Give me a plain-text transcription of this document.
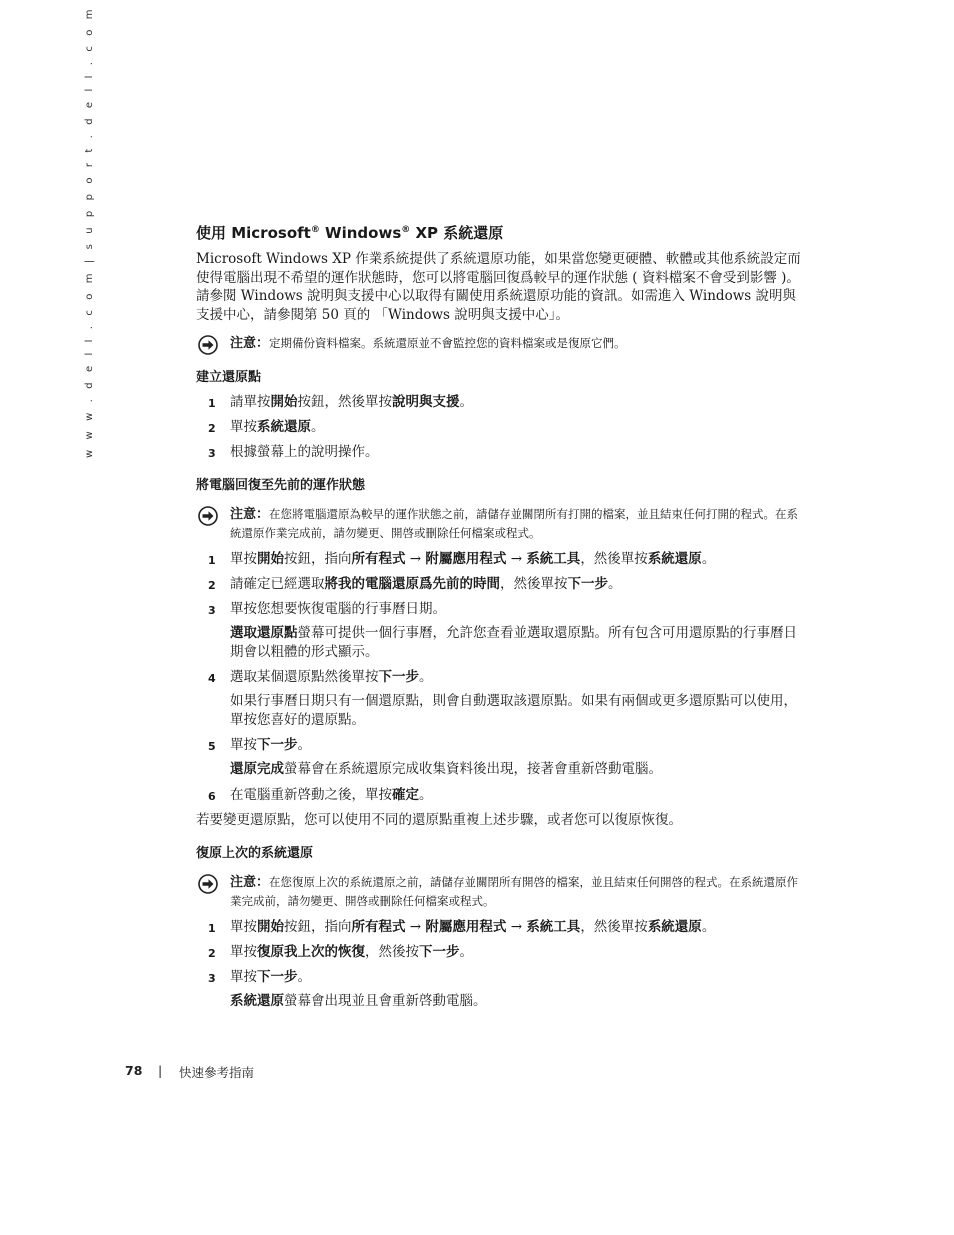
w w w . d e l l . c o m | s u p p o r t . d e l l . c o m	使用 Microsoft® Windows® XP 系統還原

Microsoft Windows XP 作業系統提供了系統還原功能，如果當您變更硬體、軟體或其他系統設定而使得電腦出現不希望的運作狀態時，您可以將電腦回復爲較早的運作狀態 ( 資料檔案不會受到影響 )。請參閱 Windows 說明與支援中心以取得有關使用系統還原功能的資訊。如需進入 Windows 說明與支援中心，請參閱第 50 頁的 「Windows 說明與支援中心」。

注意：定期備份資料檔案。系統還原並不會監控您的資料檔案或是復原它們。
建立還原點
1 請單按開始按鈕，然後單按說明與支援。
2 單按系統還原。
3 根據螢幕上的說明操作。
將電腦回復至先前的運作狀態
注意：在您將電腦還原為較早的運作狀態之前，請儲存並關閉所有打開的檔案，並且結束任何打開的程式。在系統還原作業完成前，請勿變更、開啓或刪除任何檔案或程式。
1 單按開始按鈕，指向所有程式 → 附屬應用程式 → 系統工具，然後單按系統還原。
2 請確定已經選取將我的電腦還原爲先前的時間，然後單按下一步。
3 單按您想要恢復電腦的行事曆日期。
選取還原點螢幕可提供一個行事曆，允許您查看並選取還原點。所有包含可用還原點的行事曆日期會以粗體的形式顯示。
4 選取某個還原點然後單按下一步。
如果行事曆日期只有一個還原點，則會自動選取該還原點。如果有兩個或更多還原點可以使用，單按您喜好的還原點。
5 單按下一步。
還原完成螢幕會在系統還原完成收集資料後出現，接著會重新啓動電腦。
6 在電腦重新啓動之後，單按確定。

若要變更還原點，您可以使用不同的還原點重複上述步驟，或者您可以復原恢復。

復原上次的系統還原
注意：在您復原上次的系統還原之前，請儲存並關閉所有開啓的檔案，並且結束任何開啓的程式。在系統還原作業完成前，請勿變更、開啓或刪除任何檔案或程式。
1 單按開始按鈕，指向所有程式 → 附屬應用程式 → 系統工具，然後單按系統還原。
2 單按復原我上次的恢復，然後按下一步。
3 單按下一步。
系統還原螢幕會出現並且會重新啓動電腦。
78 | 快速參考指南
